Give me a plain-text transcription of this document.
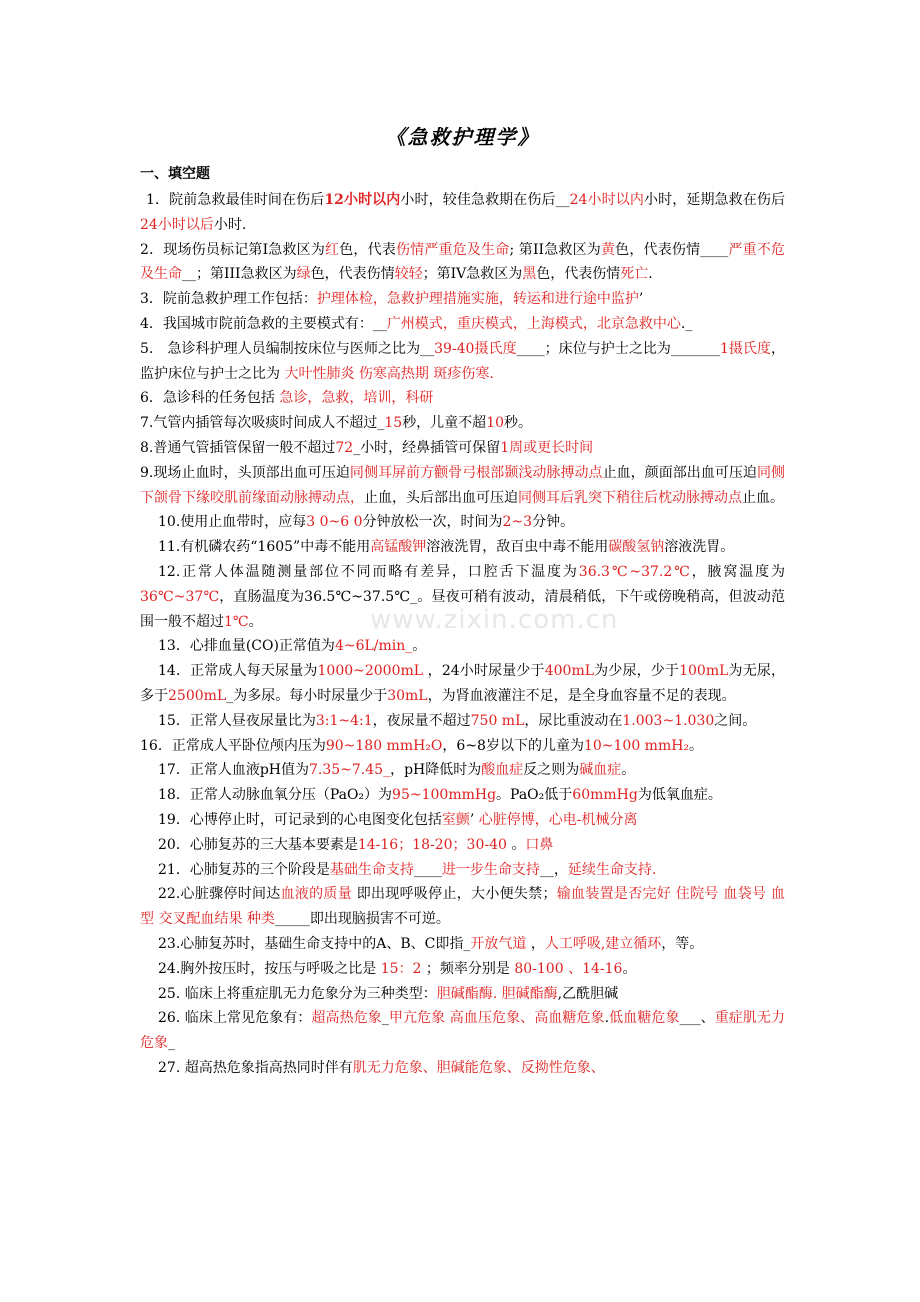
《急救护理学》
一、填空题

1．院前急救最佳时间在伤后12小时以内小时，较佳急救期在伤后__24小时以内小时，延期急救在伤后24小时以后小时.

2．现场伤员标记第Ⅰ急救区为红色，代表伤情严重危及生命; 第II急救区为黄色，代表伤情____严重不危及生命__；第III急救区为绿色，代表伤情较轻；第IV急救区为黑色，代表伤情死亡.

3．院前急救护理工作包括：护理体检，急救护理措施实施，转运和进行途中监护’

4．我国城市院前急救的主要模式有：__广州模式，重庆模式，上海模式，北京急救中心._

5． 急诊科护理人员编制按床位与医师之比为__39-40摄氏度____；床位与护士之比为_______1摄氏度，监护床位与护士之比为 大叶性肺炎 伤寒高热期 斑疹伤寒.

6．急诊科的任务包括 急诊，急救，培训，科研

7.气管内插管每次吸痰时间成人不超过_15秒，儿童不超10秒。

8.普通气管插管保留一般不超过72_小时，经鼻插管可保留1周或更长时间

9.现场止血时，头顶部出血可压迫同侧耳屏前方颧骨弓根部颞浅动脉搏动点止血，颜面部出血可压迫同侧下颌骨下缘咬肌前缘面动脉搏动点，止血，头后部出血可压迫同侧耳后乳突下稍往后枕动脉搏动点止血。

10.使用止血带时，应每3 0~6 0分钟放松一次，时间为2~3分钟。

11.有机磷农药“1605”中毒不能用高锰酸钾溶液洗胃，敌百虫中毒不能用碳酸氢钠溶液洗胃。

12.正常人体温随测量部位不同而略有差异，口腔舌下温度为36.3℃~37.2℃，腋窝温度为36℃~37℃，直肠温度为36.5℃~37.5℃_。昼夜可稍有波动，清晨稍低，下午或傍晚稍高，但波动范围一般不超过1℃。

13．心排血量(CO)正常值为4~6L/min_。

14．正常成人每天尿量为1000~2000mL ，24小时尿量少于400mL为少尿，少于100mL为无尿，多于2500mL_为多尿。每小时尿量少于30mL，为肾血液灌注不足，是全身血容量不足的表现。

15．正常人昼夜尿量比为3:1~4:1，夜尿量不超过750 mL，尿比重波动在1.003~1.030之间。

16．正常成人平卧位颅内压为90~180 mmH₂O，6~8岁以下的儿童为10~100 mmH₂。

17．正常人血液pH值为7.35~7.45_，pH降低时为酸血症反之则为碱血症。

18．正常人动脉血氧分压（PaO₂）为95~100mmHg。PaO₂低于60mmHg为低氧血症。

19．心博停止时，可记录到的心电图变化包括室颤’ 心脏停博，心电-机械分离

20．心肺复苏的三大基本要素是14-16；18-20；30-40 。口鼻

21．心肺复苏的三个阶段是基础生命支持____进一步生命支持__，延续生命支持.

22.心脏骤停时间达血液的质量 即出现呼吸停止，大小便失禁；输血装置是否完好 住院号 血袋号 血型 交叉配血结果 种类_____即出现脑损害不可逆。

23.心肺复苏时，基础生命支持中的A、B、C即指_开放气道 ，人工呼吸,建立循环，等。

24.胸外按压时，按压与呼吸之比是 15：2 ；频率分别是 80-100 、14-16。

25. 临床上将重症肌无力危象分为三种类型：胆碱酯酶. 胆碱酯酶,乙酰胆碱

26. 临床上常见危象有：超高热危象_甲亢危象 高血压危象、高血糖危象.低血糖危象___、重症肌无力危象_

27. 超高热危象指高热同时伴有肌无力危象、胆碱能危象、反拗性危象、

www.zixin.com.cn
